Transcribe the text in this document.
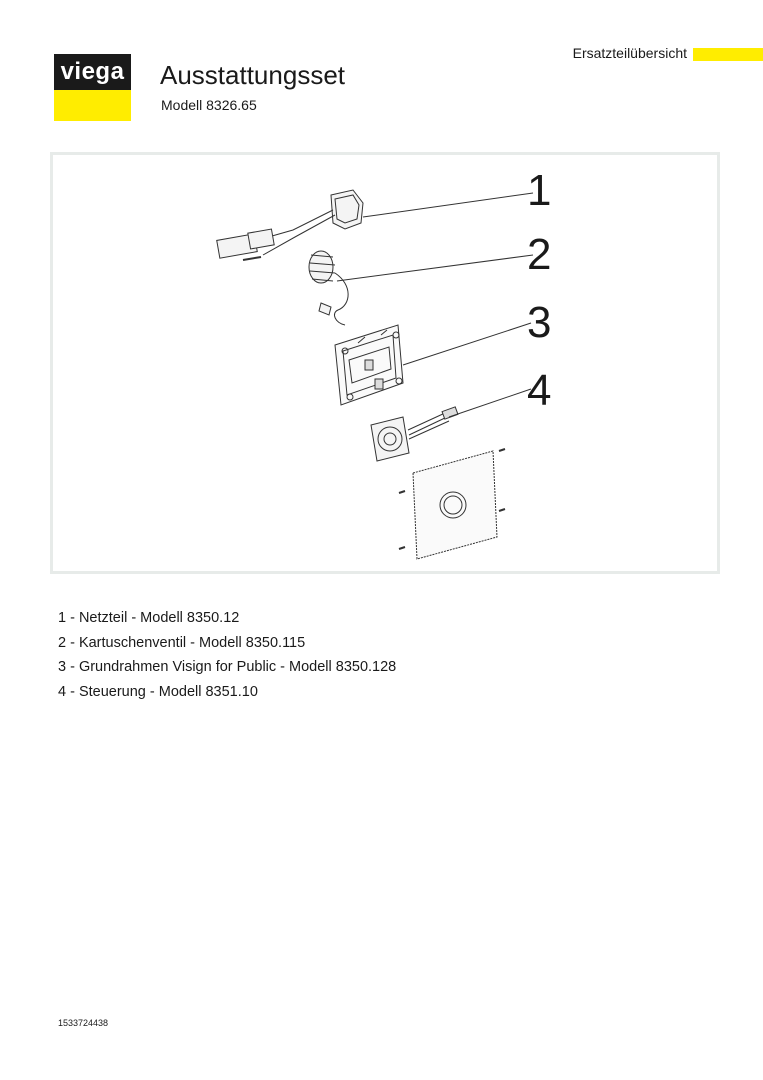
viega
Ersatzteilübersicht
Ausstattungsset
Modell 8326.65
1
2
3
4
1 - Netzteil - Modell 8350.12
2 - Kartuschenventil - Modell 8350.115
3 - Grundrahmen Visign for Public - Modell 8350.128
4 - Steuerung - Modell 8351.10
1533724438
